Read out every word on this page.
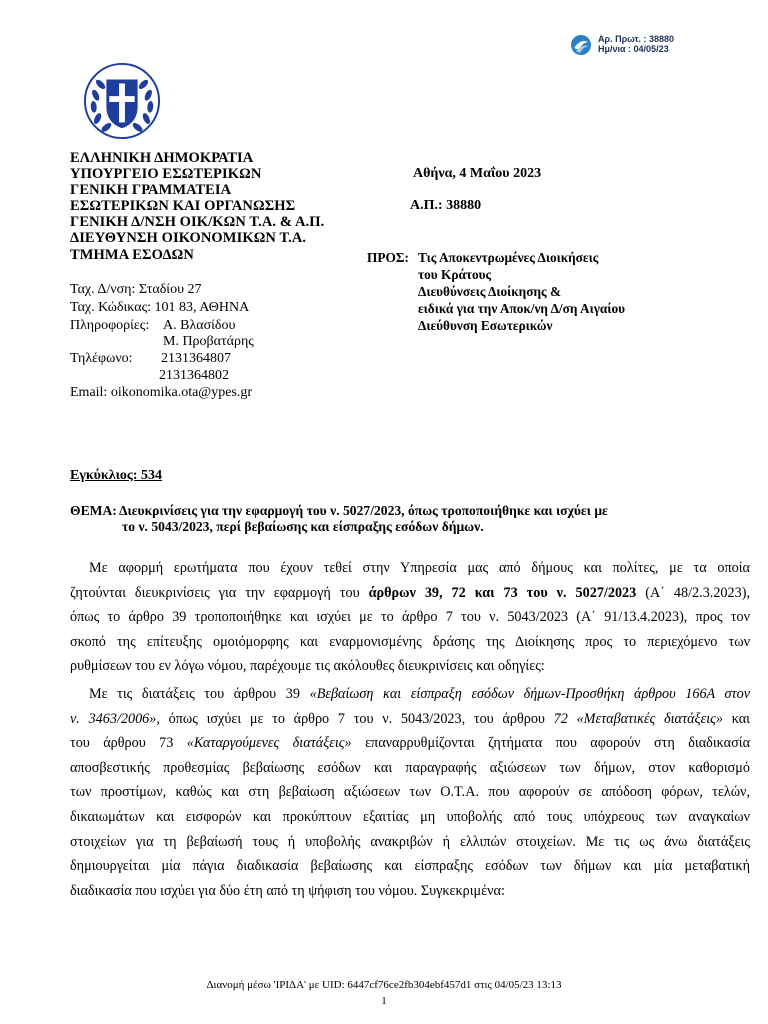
Αρ. Πρωτ. : 38880
Ημ/νια : 04/05/23
ΕΛΛΗΝΙΚΗ ΔΗΜΟΚΡΑΤΙΑ
ΥΠΟΥΡΓΕΙΟ ΕΣΩΤΕΡΙΚΩΝ
ΓΕΝΙΚΗ ΓΡΑΜΜΑΤΕΙΑ
ΕΣΩΤΕΡΙΚΩΝ ΚΑΙ ΟΡΓΑΝΩΣΗΣ
ΓΕΝΙΚΗ Δ/ΝΣΗ ΟΙΚ/ΚΩΝ Τ.Α. & Α.Π.
ΔΙΕΥΘΥΝΣΗ ΟΙΚΟΝΟΜΙΚΩΝ Τ.Α.
ΤΜΗΜΑ ΕΣΟΔΩΝ
Αθήνα, 4 Μαΐου 2023
Α.Π.: 38880
ΠΡΟΣ: Τις Αποκεντρωμένες Διοικήσεις
του Κράτους
Διευθύνσεις Διοίκησης &
ειδικά για την Αποκ/νη Δ/ση Αιγαίου
Διεύθυνση Εσωτερικών
Ταχ. Δ/νση: Σταδίου 27
Ταχ. Κώδικας: 101 83, ΑΘΗΝΑ
Πληροφορίες: Α. Βλασίδου
Μ. Προβατάρης
Τηλέφωνο: 2131364807
2131364802
Email: oikonomika.ota@ypes.gr
Εγκύκλιος: 534
ΘΕΜΑ: Διευκρινίσεις για την εφαρμογή του ν. 5027/2023, όπως τροποποιήθηκε και ισχύει με
το ν. 5043/2023, περί βεβαίωσης και είσπραξης εσόδων δήμων.
Με αφορμή ερωτήματα που έχουν τεθεί στην Υπηρεσία μας από δήμους και πολίτες, με τα οποία
ζητούνται διευκρινίσεις για την εφαρμογή του άρθρων 39, 72 και 73 του ν. 5027/2023 (Α΄ 48/2.3.2023),
όπως το άρθρο 39 τροποποιήθηκε και ισχύει με το άρθρο 7 του ν. 5043/2023 (Α΄ 91/13.4.2023), προς τον
σκοπό της επίτευξης ομοιόμορφης και εναρμονισμένης δράσης της Διοίκησης προς το περιεχόμενο των
ρυθμίσεων του εν λόγω νόμου, παρέχουμε τις ακόλουθες διευκρινίσεις και οδηγίες:
Με τις διατάξεις του άρθρου 39 «Βεβαίωση και είσπραξη εσόδων δήμων-Προσθήκη άρθρου 166Α στον
ν. 3463/2006», όπως ισχύει με το άρθρο 7 του ν. 5043/2023, του άρθρου 72 «Μεταβατικές διατάξεις» και
του άρθρου 73 «Καταργούμενες διατάξεις» επαναρρυθμίζονται ζητήματα που αφορούν στη διαδικασία
αποσβεστικής προθεσμίας βεβαίωσης εσόδων και παραγραφής αξιώσεων των δήμων, στον καθορισμό
των προστίμων, καθώς και στη βεβαίωση αξιώσεων των Ο.Τ.Α. που αφορούν σε απόδοση φόρων, τελών,
δικαιωμάτων και εισφορών και προκύπτουν εξαιτίας μη υποβολής από τους υπόχρεους των αναγκαίων
στοιχείων για τη βεβαίωσή τους ή υποβολής ανακριβών ή ελλιπών στοιχείων. Με τις ως άνω διατάξεις
δημιουργείται μία πάγια διαδικασία βεβαίωσης και είσπραξης εσόδων των δήμων και μία μεταβατική
διαδικασία που ισχύει για δύο έτη από τη ψήφιση του νόμου. Συγκεκριμένα:
Διανομή μέσω 'ΙΡΙΔΑ' με UID: 6447cf76ce2fb304ebf457d1 στις 04/05/23 13:13
1
